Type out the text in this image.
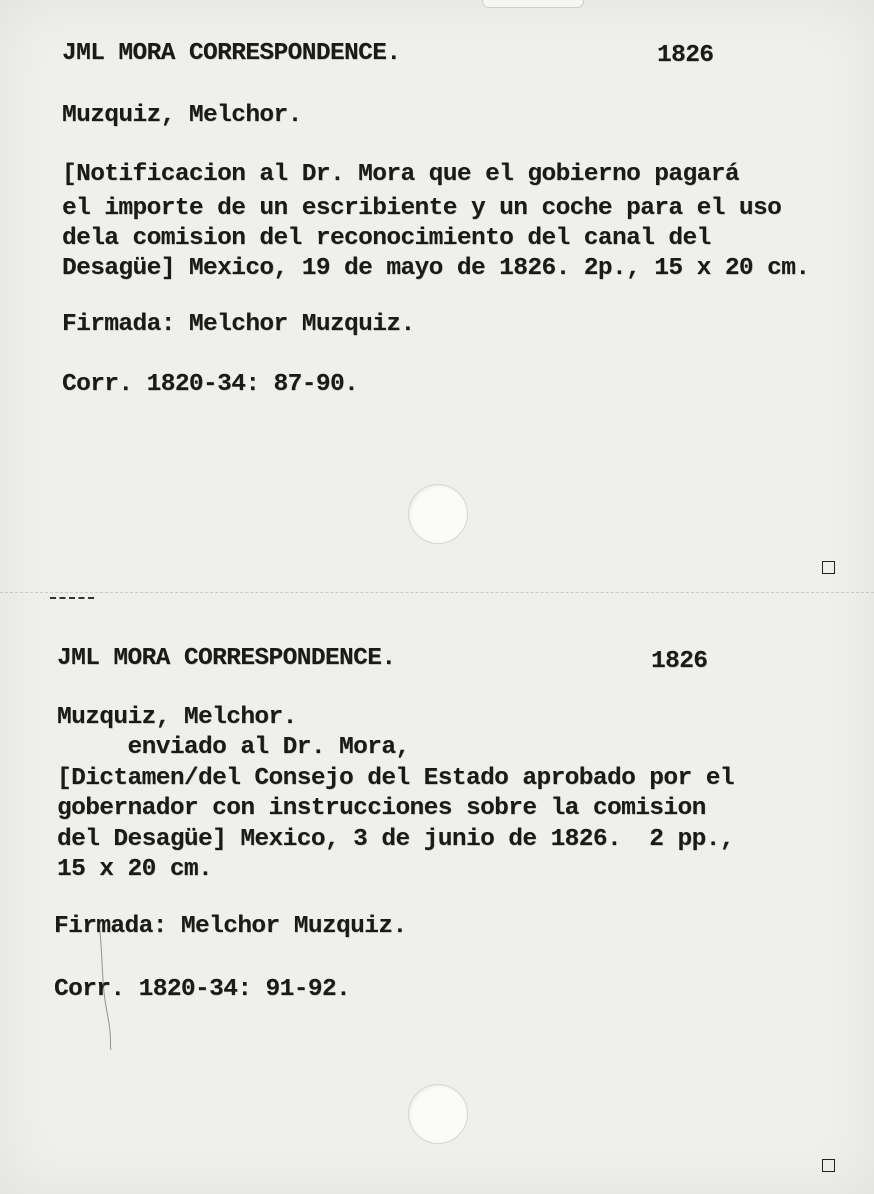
JML MORA CORRESPONDENCE.	1826

Muzquiz, Melchor.

[Notificacion al Dr. Mora que el gobierno pagará

el importe de un escribiente y un coche para el uso

dela comision del reconocimiento del canal del

Desagüe] Mexico, 19 de mayo de 1826. 2p., 15 x 20 cm.

Firmada: Melchor Muzquiz.

Corr. 1820-34: 87-90.

JML MORA CORRESPONDENCE.	1826

Muzquiz, Melchor.

enviado al Dr. Mora,

[Dictamen/del Consejo del Estado aprobado por el

gobernador con instrucciones sobre la comision

del Desagüe] Mexico, 3 de junio de 1826.  2 pp.,

15 x 20 cm.

Firmada: Melchor Muzquiz.

Corr. 1820-34: 91-92.
